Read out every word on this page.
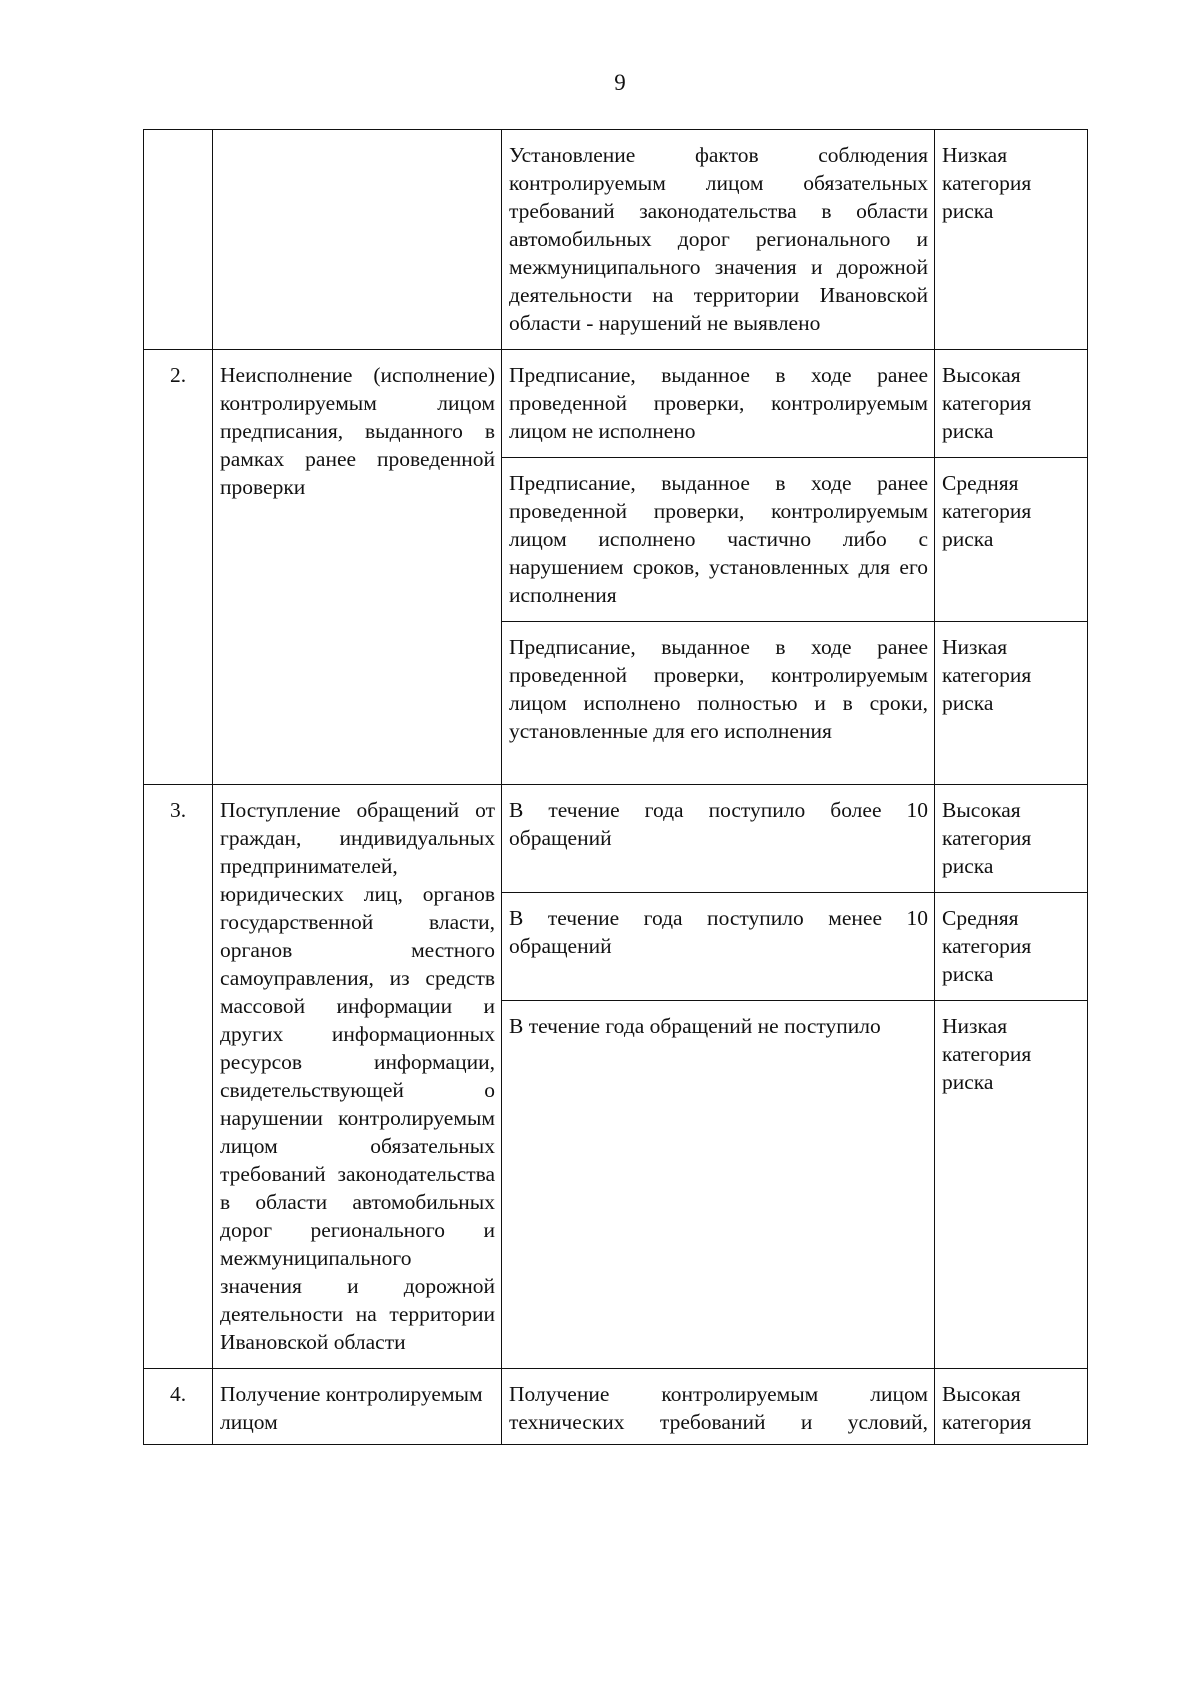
9
		Установление фактов соблюдения контролируемым лицом обязательных требований законодательства в области автомобильных дорог регионального и межмуниципального значения и дорожной деятельности на территории Ивановской области - нарушений не выявлено	Низкая категория риска
2.	Неисполнение (исполнение) контролируемым лицом предписания, выданного в рамках ранее проведенной проверки	Предписание, выданное в ходе ранее проведенной проверки, контролируемым лицом не исполнено	Высокая категория риска
		Предписание, выданное в ходе ранее проведенной проверки, контролируемым лицом исполнено частично либо с нарушением сроков, установленных для его исполнения	Средняя категория риска
		Предписание, выданное в ходе ранее проведенной проверки, контролируемым лицом исполнено полностью и в сроки, установленные для его исполнения	Низкая категория риска
3.	Поступление обращений от граждан, индивидуальных предпринимателей, юридических лиц, органов государственной власти, органов местного самоуправления, из средств массовой информации и других информационных ресурсов информации, свидетельствующей о нарушении контролируемым лицом обязательных требований законодательства в области автомобильных дорог регионального и межмуниципального значения и дорожной деятельности на территории Ивановской области	В течение года поступило более 10 обращений	Высокая категория риска
		В течение года поступило менее 10 обращений	Средняя категория риска
		В течение года обращений не поступило	Низкая категория риска
4.	Получение контролируемым лицом	Получение контролируемым лицом технических требований и условий,	Высокая категория
